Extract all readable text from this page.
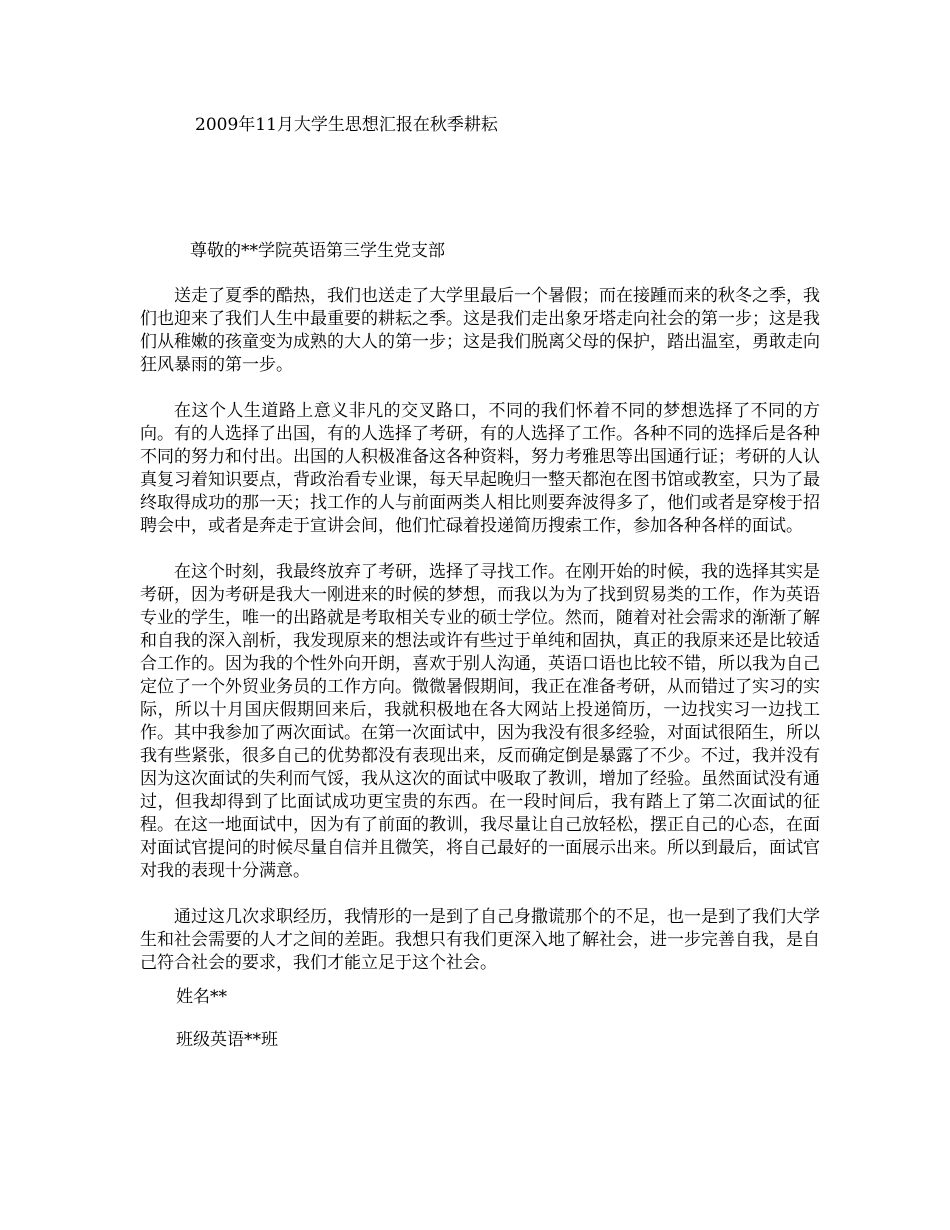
2009年11月大学生思想汇报在秋季耕耘
尊敬的**学院英语第三学生党支部

送走了夏季的酷热，我们也送走了大学里最后一个暑假；而在接踵而来的秋冬之季，我们也迎来了我们人生中最重要的耕耘之季。这是我们走出象牙塔走向社会的第一步；这是我们从稚嫩的孩童变为成熟的大人的第一步；这是我们脱离父母的保护，踏出温室，勇敢走向狂风暴雨的第一步。

在这个人生道路上意义非凡的交叉路口，不同的我们怀着不同的梦想选择了不同的方向。有的人选择了出国，有的人选择了考研，有的人选择了工作。各种不同的选择后是各种不同的努力和付出。出国的人积极准备这各种资料，努力考雅思等出国通行证；考研的人认真复习着知识要点，背政治看专业课，每天早起晚归一整天都泡在图书馆或教室，只为了最终取得成功的那一天；找工作的人与前面两类人相比则要奔波得多了，他们或者是穿梭于招聘会中，或者是奔走于宣讲会间，他们忙碌着投递简历搜索工作，参加各种各样的面试。

在这个时刻，我最终放弃了考研，选择了寻找工作。在刚开始的时候，我的选择其实是考研，因为考研是我大一刚进来的时候的梦想，而我以为为了找到贸易类的工作，作为英语专业的学生，唯一的出路就是考取相关专业的硕士学位。然而，随着对社会需求的渐渐了解和自我的深入剖析，我发现原来的想法或许有些过于单纯和固执，真正的我原来还是比较适合工作的。因为我的个性外向开朗，喜欢于别人沟通，英语口语也比较不错，所以我为自己定位了一个外贸业务员的工作方向。微微暑假期间，我正在准备考研，从而错过了实习的实际，所以十月国庆假期回来后，我就积极地在各大网站上投递简历，一边找实习一边找工作。其中我参加了两次面试。在第一次面试中，因为我没有很多经验，对面试很陌生，所以我有些紧张，很多自己的优势都没有表现出来，反而确定倒是暴露了不少。不过，我并没有因为这次面试的失利而气馁，我从这次的面试中吸取了教训，增加了经验。虽然面试没有通过，但我却得到了比面试成功更宝贵的东西。在一段时间后，我有踏上了第二次面试的征程。在这一地面试中，因为有了前面的教训，我尽量让自己放轻松，摆正自己的心态，在面对面试官提问的时候尽量自信并且微笑，将自己最好的一面展示出来。所以到最后，面试官对我的表现十分满意。

通过这几次求职经历，我情形的一是到了自己身撒谎那个的不足，也一是到了我们大学生和社会需要的人才之间的差距。我想只有我们更深入地了解社会，进一步完善自我，是自己符合社会的要求，我们才能立足于这个社会。

姓名**
班级英语**班
